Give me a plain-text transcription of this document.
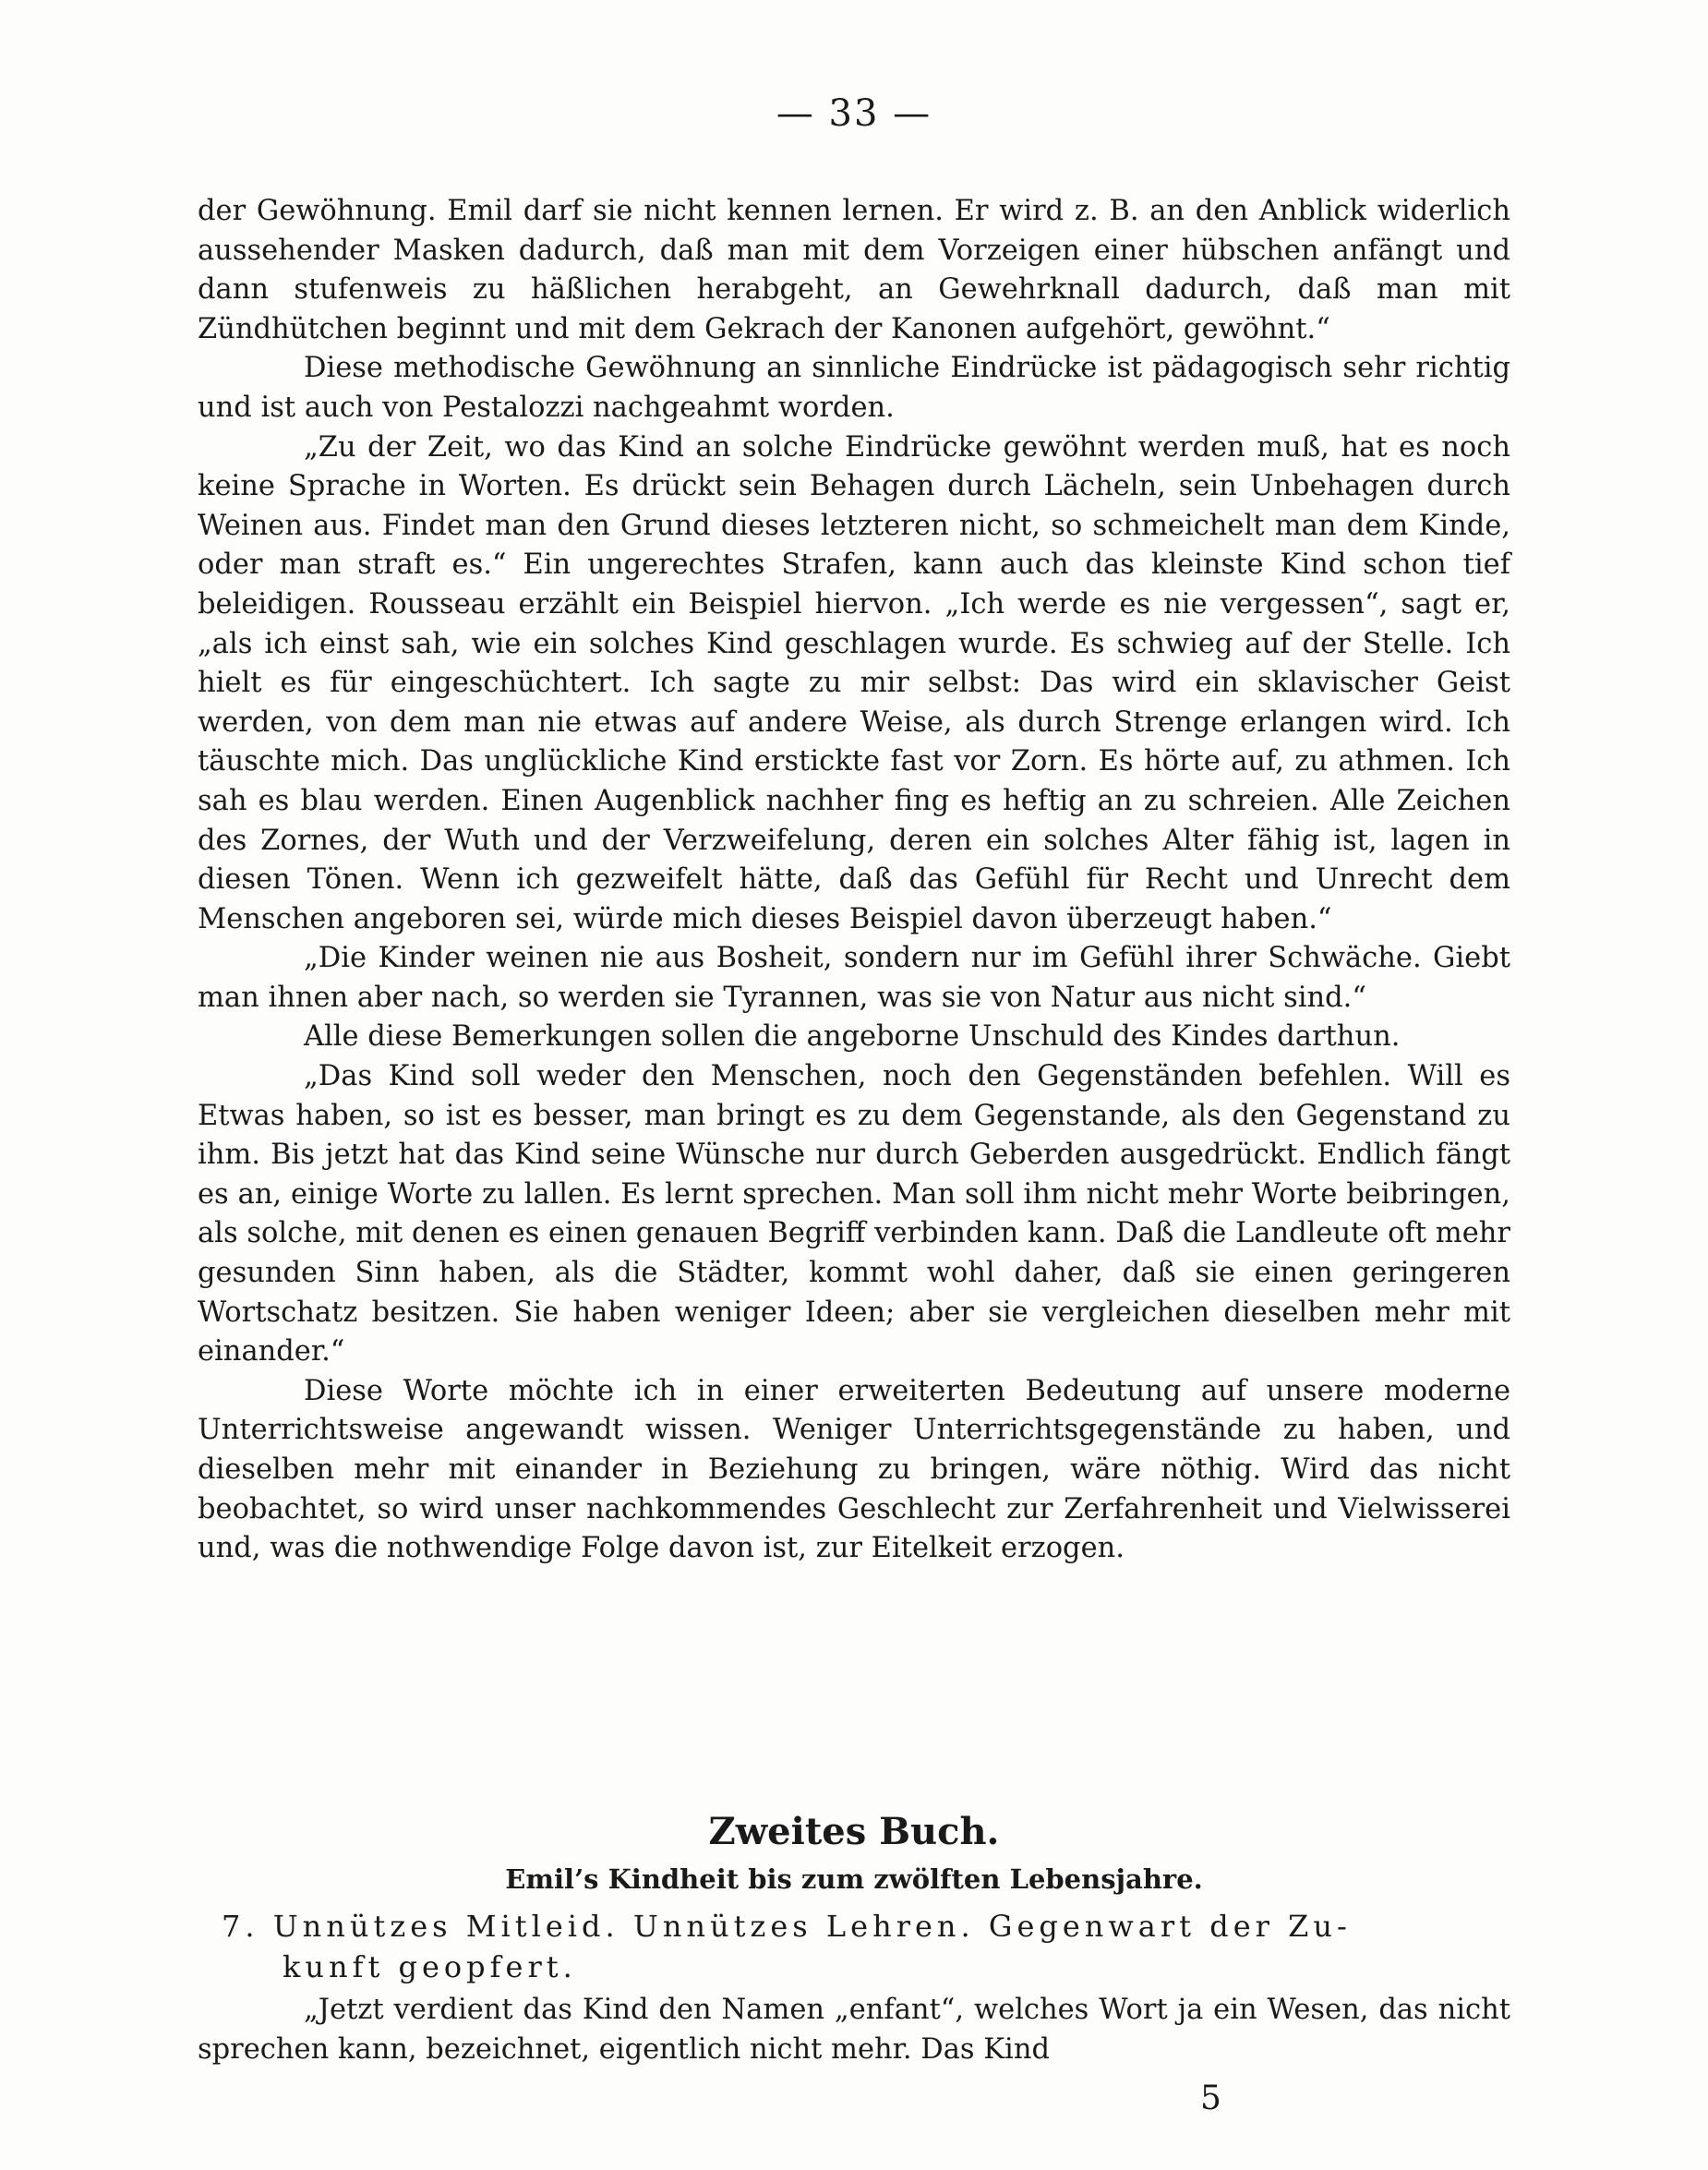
— 33 —

der Gewöhnung. Emil darf sie nicht kennen lernen. Er wird z. B. an den Anblick widerlich aussehender Masken dadurch, daß man mit dem Vorzeigen einer hübschen anfängt und dann stufenweis zu häßlichen herabgeht, an Gewehrknall dadurch, daß man mit Zündhütchen beginnt und mit dem Gekrach der Kanonen aufgehört, gewöhnt.“

Diese methodische Gewöhnung an sinnliche Eindrücke ist pädagogisch sehr richtig und ist auch von Pestalozzi nachgeahmt worden.

„Zu der Zeit, wo das Kind an solche Eindrücke gewöhnt werden muß, hat es noch keine Sprache in Worten. Es drückt sein Behagen durch Lächeln, sein Unbehagen durch Weinen aus. Findet man den Grund dieses letzteren nicht, so schmeichelt man dem Kinde, oder man straft es.“ Ein ungerechtes Strafen, kann auch das kleinste Kind schon tief beleidigen. Rousseau erzählt ein Beispiel hiervon. „Ich werde es nie vergessen“, sagt er, „als ich einst sah, wie ein solches Kind geschlagen wurde. Es schwieg auf der Stelle. Ich hielt es für eingeschüchtert. Ich sagte zu mir selbst: Das wird ein sklavischer Geist werden, von dem man nie etwas auf andere Weise, als durch Strenge erlangen wird. Ich täuschte mich. Das unglückliche Kind erstickte fast vor Zorn. Es hörte auf, zu athmen. Ich sah es blau werden. Einen Augenblick nachher fing es heftig an zu schreien. Alle Zeichen des Zornes, der Wuth und der Verzweifelung, deren ein solches Alter fähig ist, lagen in diesen Tönen. Wenn ich gezweifelt hätte, daß das Gefühl für Recht und Unrecht dem Menschen angeboren sei, würde mich dieses Beispiel davon überzeugt haben.“

„Die Kinder weinen nie aus Bosheit, sondern nur im Gefühl ihrer Schwäche. Giebt man ihnen aber nach, so werden sie Tyrannen, was sie von Natur aus nicht sind.“

Alle diese Bemerkungen sollen die angeborne Unschuld des Kindes darthun.

„Das Kind soll weder den Menschen, noch den Gegenständen befehlen. Will es Etwas haben, so ist es besser, man bringt es zu dem Gegenstande, als den Gegenstand zu ihm. Bis jetzt hat das Kind seine Wünsche nur durch Geberden ausgedrückt. Endlich fängt es an, einige Worte zu lallen. Es lernt sprechen. Man soll ihm nicht mehr Worte beibringen, als solche, mit denen es einen genauen Begriff verbinden kann. Daß die Landleute oft mehr gesunden Sinn haben, als die Städter, kommt wohl daher, daß sie einen geringeren Wortschatz besitzen. Sie haben weniger Ideen; aber sie vergleichen dieselben mehr mit einander.“

Diese Worte möchte ich in einer erweiterten Bedeutung auf unsere moderne Unterrichtsweise angewandt wissen. Weniger Unterrichtsgegenstände zu haben, und dieselben mehr mit einander in Beziehung zu bringen, wäre nöthig. Wird das nicht beobachtet, so wird unser nachkommendes Geschlecht zur Zerfahrenheit und Vielwisserei und, was die nothwendige Folge davon ist, zur Eitelkeit erzogen.

Zweites Buch.
Emil’s Kindheit bis zum zwölften Lebensjahre.
7. Unnützes Mitleid. Unnützes Lehren. Gegenwart der Zu-
kunft geopfert.

„Jetzt verdient das Kind den Namen „enfant“, welches Wort ja ein Wesen, das nicht sprechen kann, bezeichnet, eigentlich nicht mehr. Das Kind

5
